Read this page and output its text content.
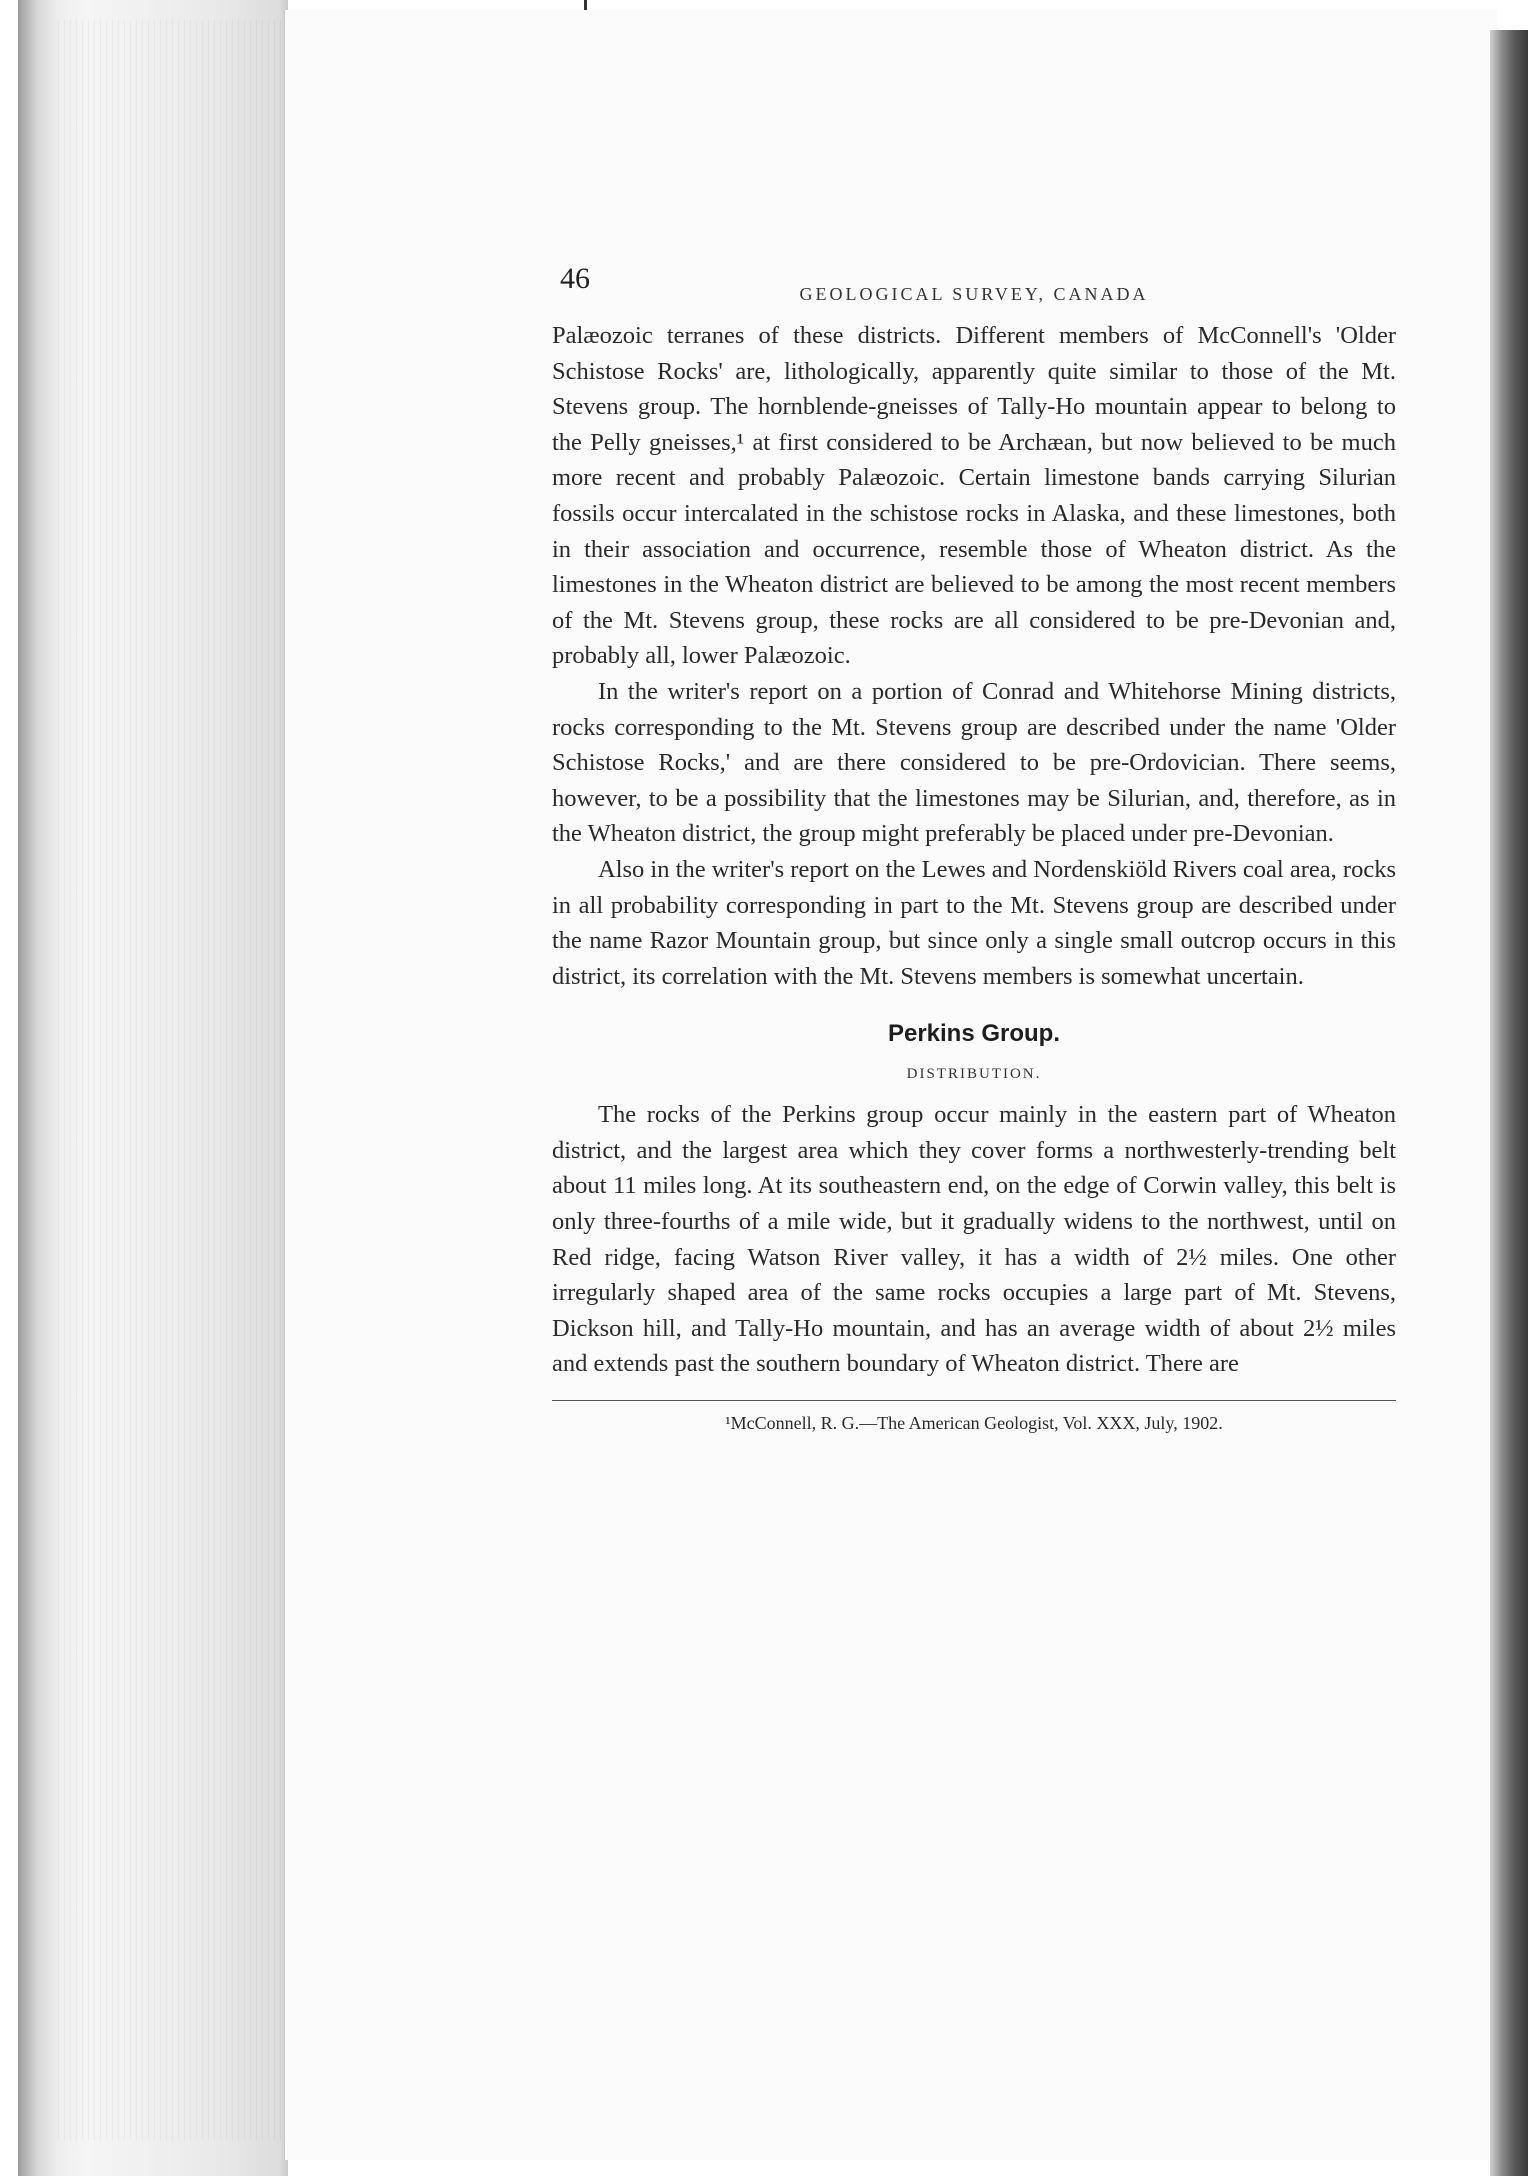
46	GEOLOGICAL SURVEY, CANADA

Palæozoic terranes of these districts. Different members of McConnell's 'Older Schistose Rocks' are, lithologically, apparently quite similar to those of the Mt. Stevens group. The hornblende-gneisses of Tally-Ho mountain appear to belong to the Pelly gneisses,¹ at first considered to be Archæan, but now believed to be much more recent and probably Palæozoic. Certain limestone bands carrying Silurian fossils occur intercalated in the schistose rocks in Alaska, and these limestones, both in their association and occurrence, resemble those of Wheaton district. As the limestones in the Wheaton district are believed to be among the most recent members of the Mt. Stevens group, these rocks are all considered to be pre-Devonian and, probably all, lower Palæozoic.

In the writer's report on a portion of Conrad and Whitehorse Mining districts, rocks corresponding to the Mt. Stevens group are described under the name 'Older Schistose Rocks,' and are there considered to be pre-Ordovician. There seems, however, to be a possibility that the limestones may be Silurian, and, therefore, as in the Wheaton district, the group might preferably be placed under pre-Devonian.

Also in the writer's report on the Lewes and Nordenskiöld Rivers coal area, rocks in all probability corresponding in part to the Mt. Stevens group are described under the name Razor Mountain group, but since only a single small outcrop occurs in this district, its correlation with the Mt. Stevens members is somewhat uncertain.

Perkins Group.
DISTRIBUTION.

The rocks of the Perkins group occur mainly in the eastern part of Wheaton district, and the largest area which they cover forms a northwesterly-trending belt about 11 miles long. At its southeastern end, on the edge of Corwin valley, this belt is only three-fourths of a mile wide, but it gradually widens to the northwest, until on Red ridge, facing Watson River valley, it has a width of 2½ miles. One other irregularly shaped area of the same rocks occupies a large part of Mt. Stevens, Dickson hill, and Tally-Ho mountain, and has an average width of about 2½ miles and extends past the southern boundary of Wheaton district. There are

¹McConnell, R. G.—The American Geologist, Vol. XXX, July, 1902.
